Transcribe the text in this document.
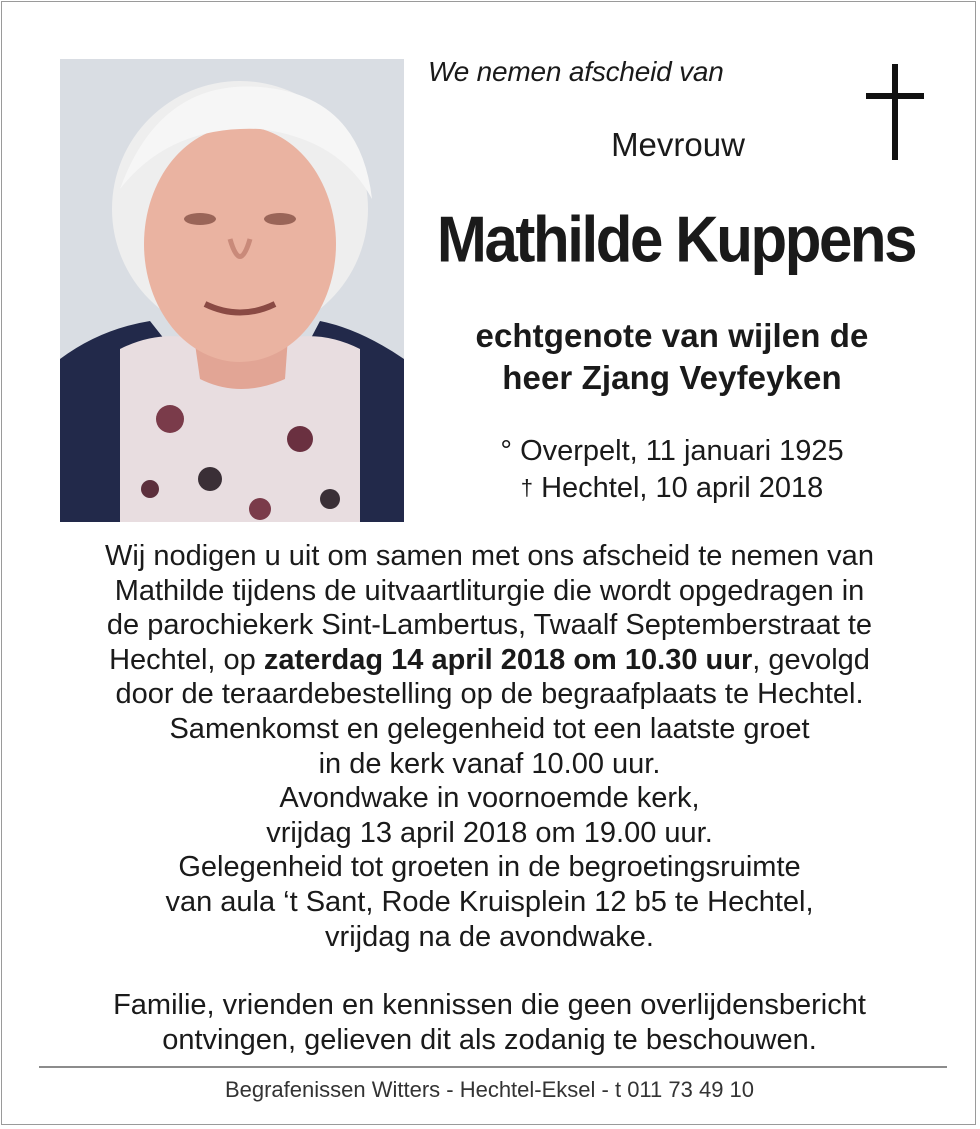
We nemen afscheid van
Mevrouw
Mathilde Kuppens
echtgenote van wijlen de
heer Zjang Veyfeyken
° Overpelt, 11 januari 1925
† Hechtel, 10 april 2018
Wij nodigen u uit om samen met ons afscheid te nemen van
Mathilde tijdens de uitvaartliturgie die wordt opgedragen in
de parochiekerk Sint-Lambertus, Twaalf Septemberstraat te
Hechtel, op zaterdag 14 april 2018 om 10.30 uur, gevolgd
door de teraardebestelling op de begraafplaats te Hechtel.
Samenkomst en gelegenheid tot een laatste groet
in de kerk vanaf 10.00 uur.
Avondwake in voornoemde kerk,
vrijdag 13 april 2018 om 19.00 uur.
Gelegenheid tot groeten in de begroetingsruimte
van aula ‘t Sant, Rode Kruisplein 12 b5 te Hechtel,
vrijdag na de avondwake.
Familie, vrienden en kennissen die geen overlijdensbericht
ontvingen, gelieven dit als zodanig te beschouwen.
Begrafenissen Witters - Hechtel-Eksel - t 011 73 49 10
